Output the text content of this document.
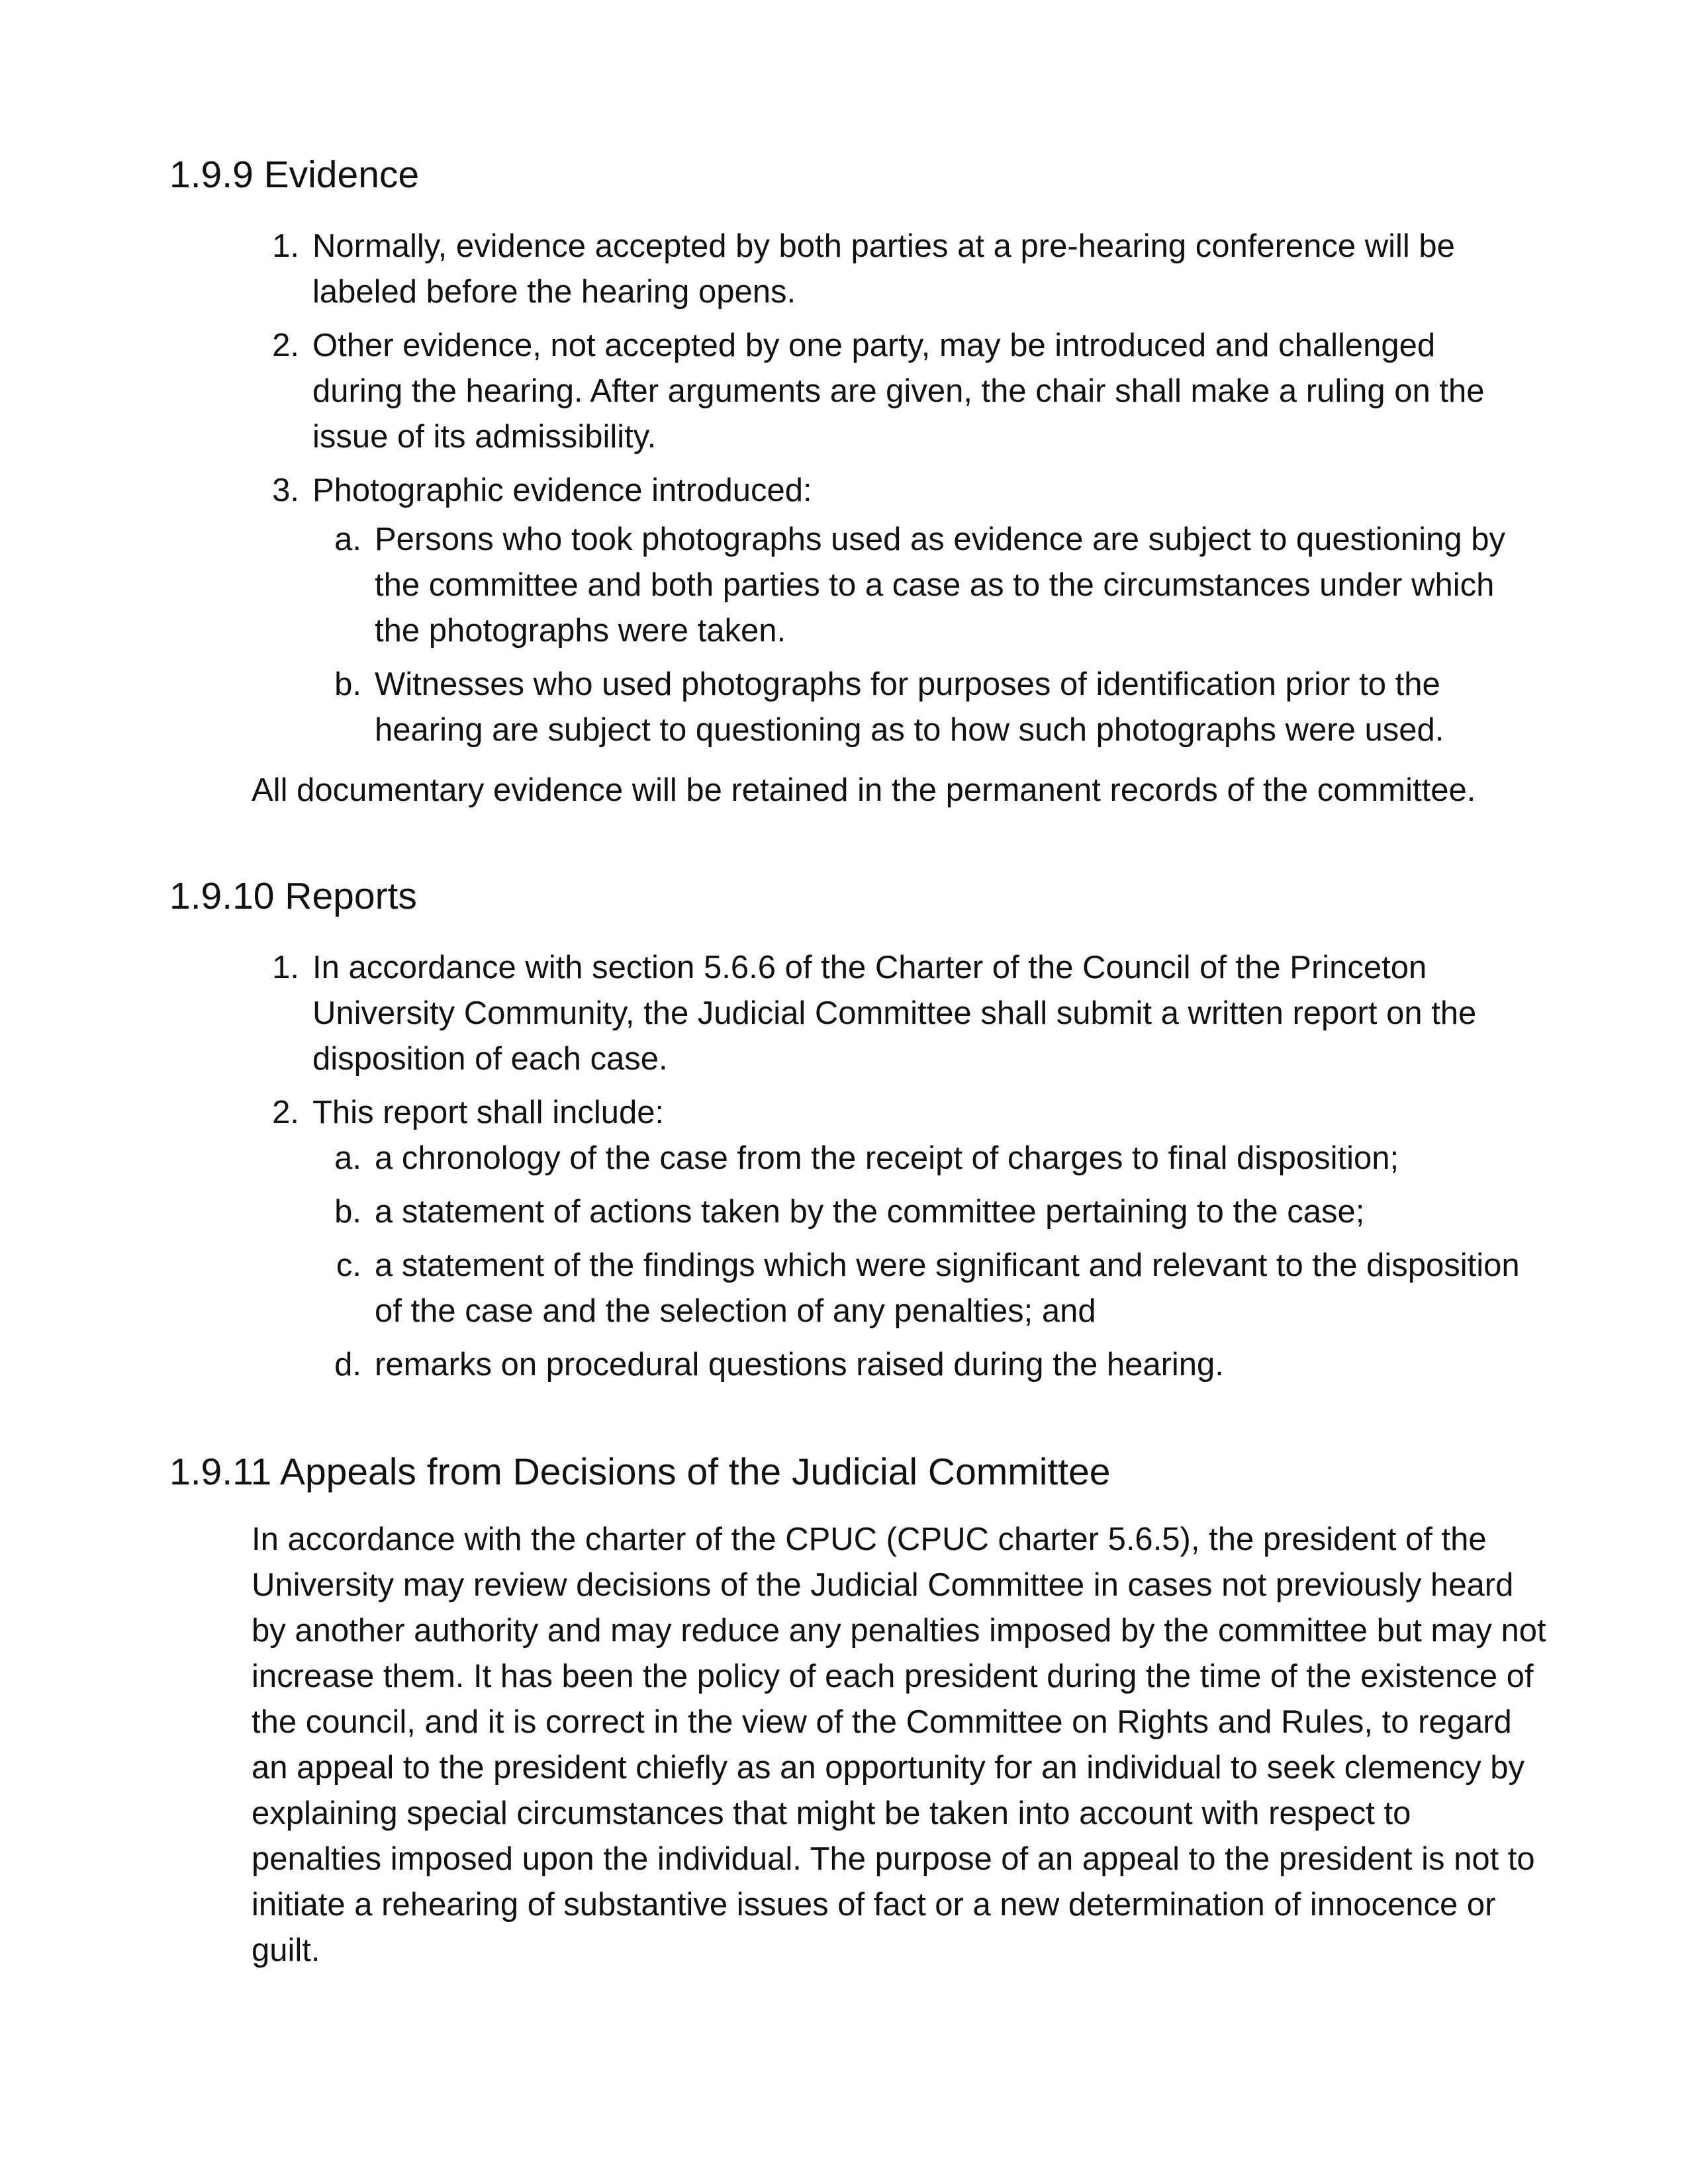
1.9.9 Evidence
1. Normally, evidence accepted by both parties at a pre-hearing conference will be labeled before the hearing opens.
2. Other evidence, not accepted by one party, may be introduced and challenged during the hearing. After arguments are given, the chair shall make a ruling on the issue of its admissibility.
3. Photographic evidence introduced:
a. Persons who took photographs used as evidence are subject to questioning by the committee and both parties to a case as to the circumstances under which the photographs were taken.
b. Witnesses who used photographs for purposes of identification prior to the hearing are subject to questioning as to how such photographs were used.

All documentary evidence will be retained in the permanent records of the committee.

1.9.10 Reports
1. In accordance with section 5.6.6 of the Charter of the Council of the Princeton University Community, the Judicial Committee shall submit a written report on the disposition of each case.
2. This report shall include:
a. a chronology of the case from the receipt of charges to final disposition;
b. a statement of actions taken by the committee pertaining to the case;
c. a statement of the findings which were significant and relevant to the disposition of the case and the selection of any penalties; and
d. remarks on procedural questions raised during the hearing.
1.9.11 Appeals from Decisions of the Judicial Committee

In accordance with the charter of the CPUC (CPUC charter 5.6.5), the president of the University may review decisions of the Judicial Committee in cases not previously heard by another authority and may reduce any penalties imposed by the committee but may not increase them. It has been the policy of each president during the time of the existence of the council, and it is correct in the view of the Committee on Rights and Rules, to regard an appeal to the president chiefly as an opportunity for an individual to seek clemency by explaining special circumstances that might be taken into account with respect to penalties imposed upon the individual. The purpose of an appeal to the president is not to initiate a rehearing of substantive issues of fact or a new determination of innocence or guilt.
